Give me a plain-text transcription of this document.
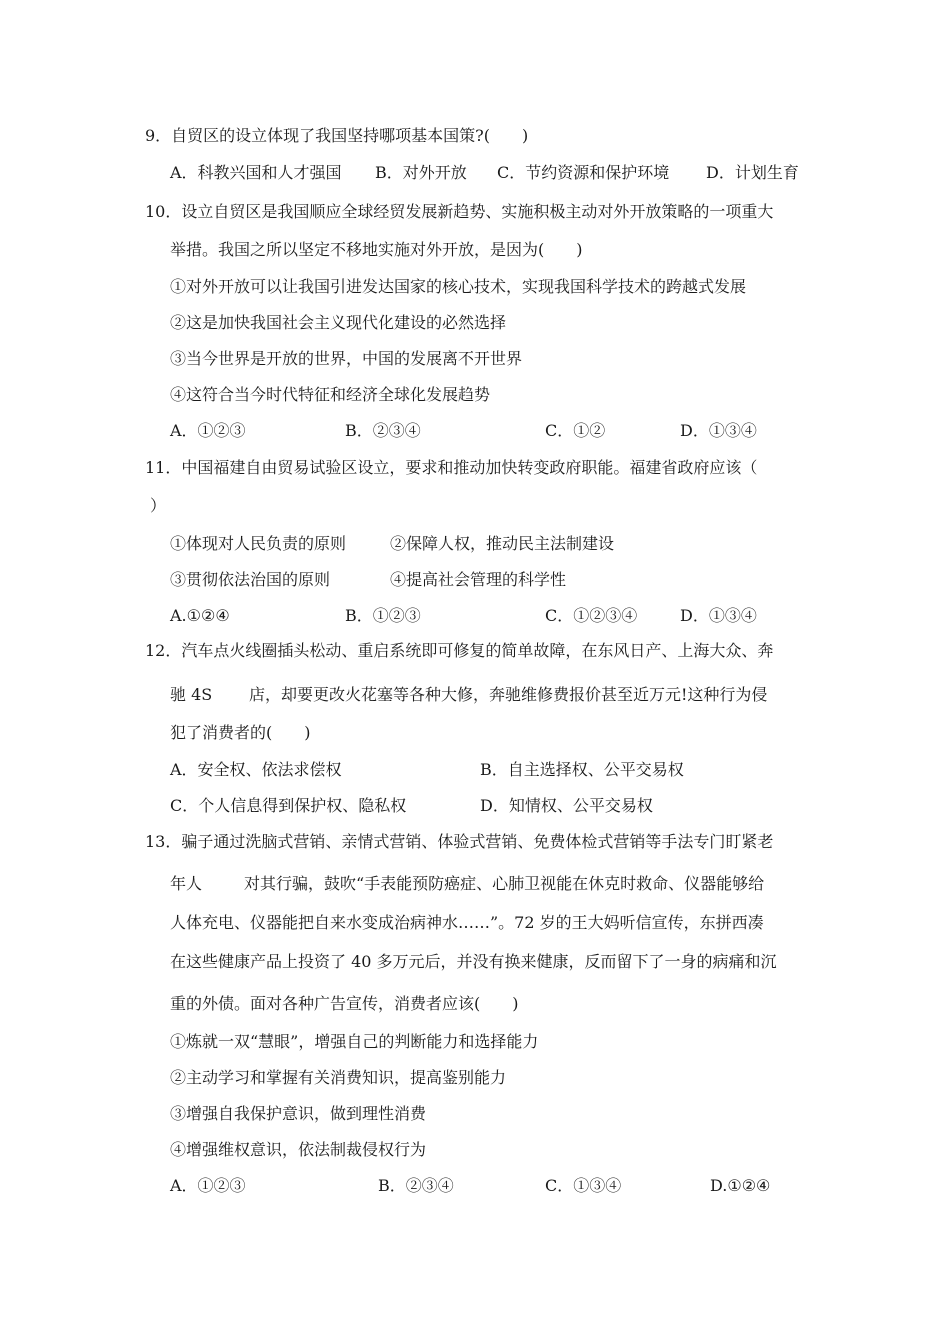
9．自贸区的设立体现了我国坚持哪项基本国策?(　　)
A．科教兴国和人才强国 B．对外开放 C．节约资源和保护环境 D．计划生育
10．设立自贸区是我国顺应全球经贸发展新趋势、实施积极主动对外开放策略的一项重大
举措。我国之所以坚定不移地实施对外开放，是因为(　　)
①对外开放可以让我国引进发达国家的核心技术，实现我国科学技术的跨越式发展
②这是加快我国社会主义现代化建设的必然选择
③当今世界是开放的世界，中国的发展离不开世界
④这符合当今时代特征和经济全球化发展趋势
A．①②③	B．②③④	C．①②	D．①③④
11．中国福建自由贸易试验区设立，要求和推动加快转变政府职能。福建省政府应该（
）
①体现对人民负责的原则	②保障人权，推动民主法制建设
③贯彻依法治国的原则	④提高社会管理的科学性
A.①②④	B．①②③	C．①②③④	D．①③④
12．汽车点火线圈插头松动、重启系统即可修复的简单故障，在东风日产、上海大众、奔
驰 4S 店，却要更改火花塞等各种大修，奔驰维修费报价甚至近万元!这种行为侵
犯了消费者的(　　)
A．安全权、依法求偿权	B．自主选择权、公平交易权
C．个人信息得到保护权、隐私权	D．知情权、公平交易权
13．骗子通过洗脑式营销、亲情式营销、体验式营销、免费体检式营销等手法专门盯紧老
年人	对其行骗，鼓吹“手表能预防癌症、心肺卫视能在休克时救命、仪器能够给
人体充电、仪器能把自来水变成治病神水……”。72 岁的王大妈听信宣传，东拼西凑
在这些健康产品上投资了 40 多万元后，并没有换来健康，反而留下了一身的病痛和沉
重的外债。面对各种广告宣传，消费者应该(　　)
①炼就一双“慧眼”，增强自己的判断能力和选择能力
②主动学习和掌握有关消费知识，提高鉴别能力
③增强自我保护意识，做到理性消费
④增强维权意识，依法制裁侵权行为
A．①②③	B．②③④	C．①③④	D.①②④
